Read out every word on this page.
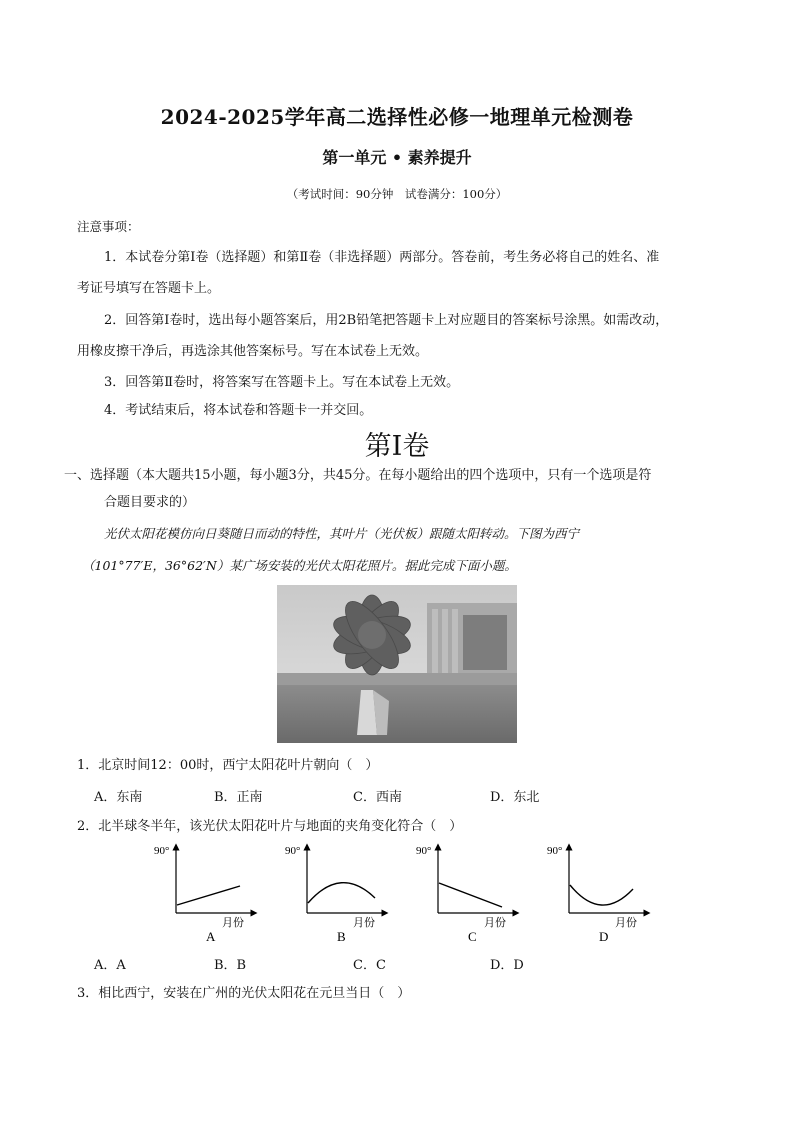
2024-2025学年高二选择性必修一地理单元检测卷
第一单元 • 素养提升
（考试时间：90分钟　试卷满分：100分）
注意事项：
1．本试卷分第Ⅰ卷（选择题）和第Ⅱ卷（非选择题）两部分。答卷前，考生务必将自己的姓名、准
考证号填写在答题卡上。
2．回答第Ⅰ卷时，选出每小题答案后，用2B铅笔把答题卡上对应题目的答案标号涂黑。如需改动，
用橡皮擦干净后，再选涂其他答案标号。写在本试卷上无效。
3．回答第Ⅱ卷时，将答案写在答题卡上。写在本试卷上无效。
4．考试结束后，将本试卷和答题卡一并交回。
第Ⅰ卷
一、选择题（本大题共15小题，每小题3分，共45分。在每小题给出的四个选项中，只有一个选项是符
合题目要求的）
光伏太阳花模仿向日葵随日而动的特性，其叶片（光伏板）跟随太阳转动。下图为西宁
（101°77′E，36°62′N）某广场安装的光伏太阳花照片。据此完成下面小题。
1．北京时间12：00时，西宁太阳花叶片朝向（　）
A．东南	B．正南	C．西南	D．东北
2．北半球冬半年，该光伏太阳花叶片与地面的夹角变化符合（　）
90°
月份
A
90°
月份
B
90°
月份
C
90°
月份
D
A．A	B．B	C．C	D．D
3．相比西宁，安装在广州的光伏太阳花在元旦当日（　）
